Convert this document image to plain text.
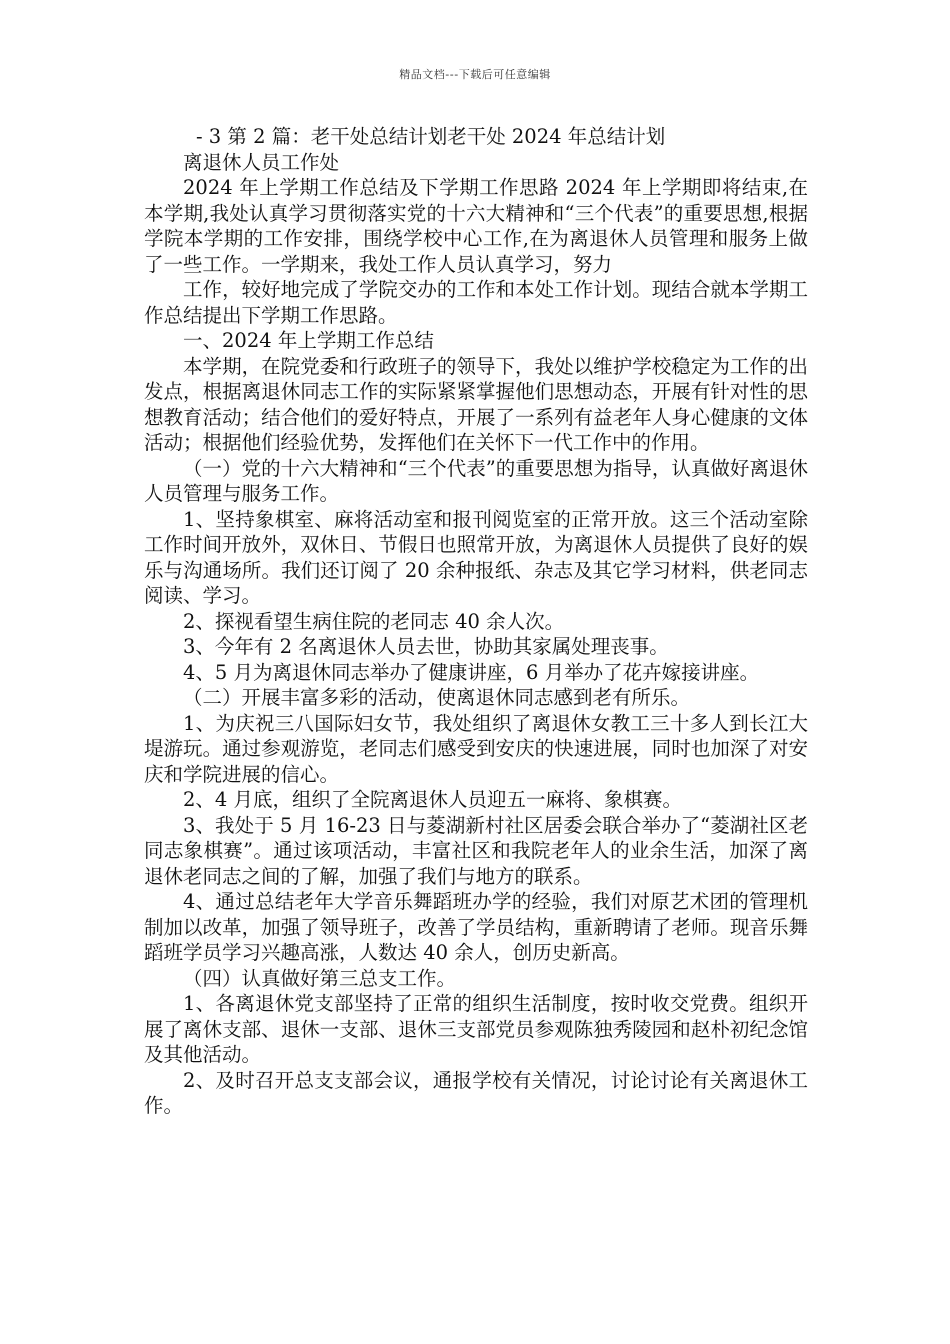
精品文档---下载后可任意编辑

- 3 第 2 篇：老干处总结计划老干处 2024 年总结计划

离退休人员工作处

2024 年上学期工作总结及下学期工作思路 2024 年上学期即将结束,在本学期,我处认真学习贯彻落实党的十六大精神和“三个代表”的重要思想,根据学院本学期的工作安排，围绕学校中心工作,在为离退休人员管理和服务上做了一些工作。一学期来，我处工作人员认真学习，努力

工作，较好地完成了学院交办的工作和本处工作计划。现结合就本学期工作总结提出下学期工作思路。

一、2024 年上学期工作总结

本学期，在院党委和行政班子的领导下，我处以维护学校稳定为工作的出发点，根据离退休同志工作的实际紧紧掌握他们思想动态，开展有针对性的思想教育活动；结合他们的爱好特点，开展了一系列有益老年人身心健康的文体活动；根据他们经验优势，发挥他们在关怀下一代工作中的作用。

（一）党的十六大精神和“三个代表”的重要思想为指导，认真做好离退休人员管理与服务工作。

1、坚持象棋室、麻将活动室和报刊阅览室的正常开放。这三个活动室除工作时间开放外，双休日、节假日也照常开放，为离退休人员提供了良好的娱乐与沟通场所。我们还订阅了 20 余种报纸、杂志及其它学习材料，供老同志阅读、学习。

2、探视看望生病住院的老同志 40 余人次。

3、今年有 2 名离退休人员去世，协助其家属处理丧事。

4、5 月为离退休同志举办了健康讲座，6 月举办了花卉嫁接讲座。

（二）开展丰富多彩的活动，使离退休同志感到老有所乐。

1、为庆祝三八国际妇女节，我处组织了离退休女教工三十多人到长江大堤游玩。通过参观游览，老同志们感受到安庆的快速进展，同时也加深了对安庆和学院进展的信心。

2、4 月底，组织了全院离退休人员迎五一麻将、象棋赛。

3、我处于 5 月 16-23 日与菱湖新村社区居委会联合举办了“菱湖社区老同志象棋赛”。通过该项活动，丰富社区和我院老年人的业余生活，加深了离退休老同志之间的了解，加强了我们与地方的联系。

4、通过总结老年大学音乐舞蹈班办学的经验，我们对原艺术团的管理机制加以改革，加强了领导班子，改善了学员结构，重新聘请了老师。现音乐舞蹈班学员学习兴趣高涨，人数达 40 余人，创历史新高。

（四）认真做好第三总支工作。

1、各离退休党支部坚持了正常的组织生活制度，按时收交党费。组织开展了离休支部、退休一支部、退休三支部党员参观陈独秀陵园和赵朴初纪念馆及其他活动。

2、及时召开总支支部会议，通报学校有关情况，讨论讨论有关离退休工作。
